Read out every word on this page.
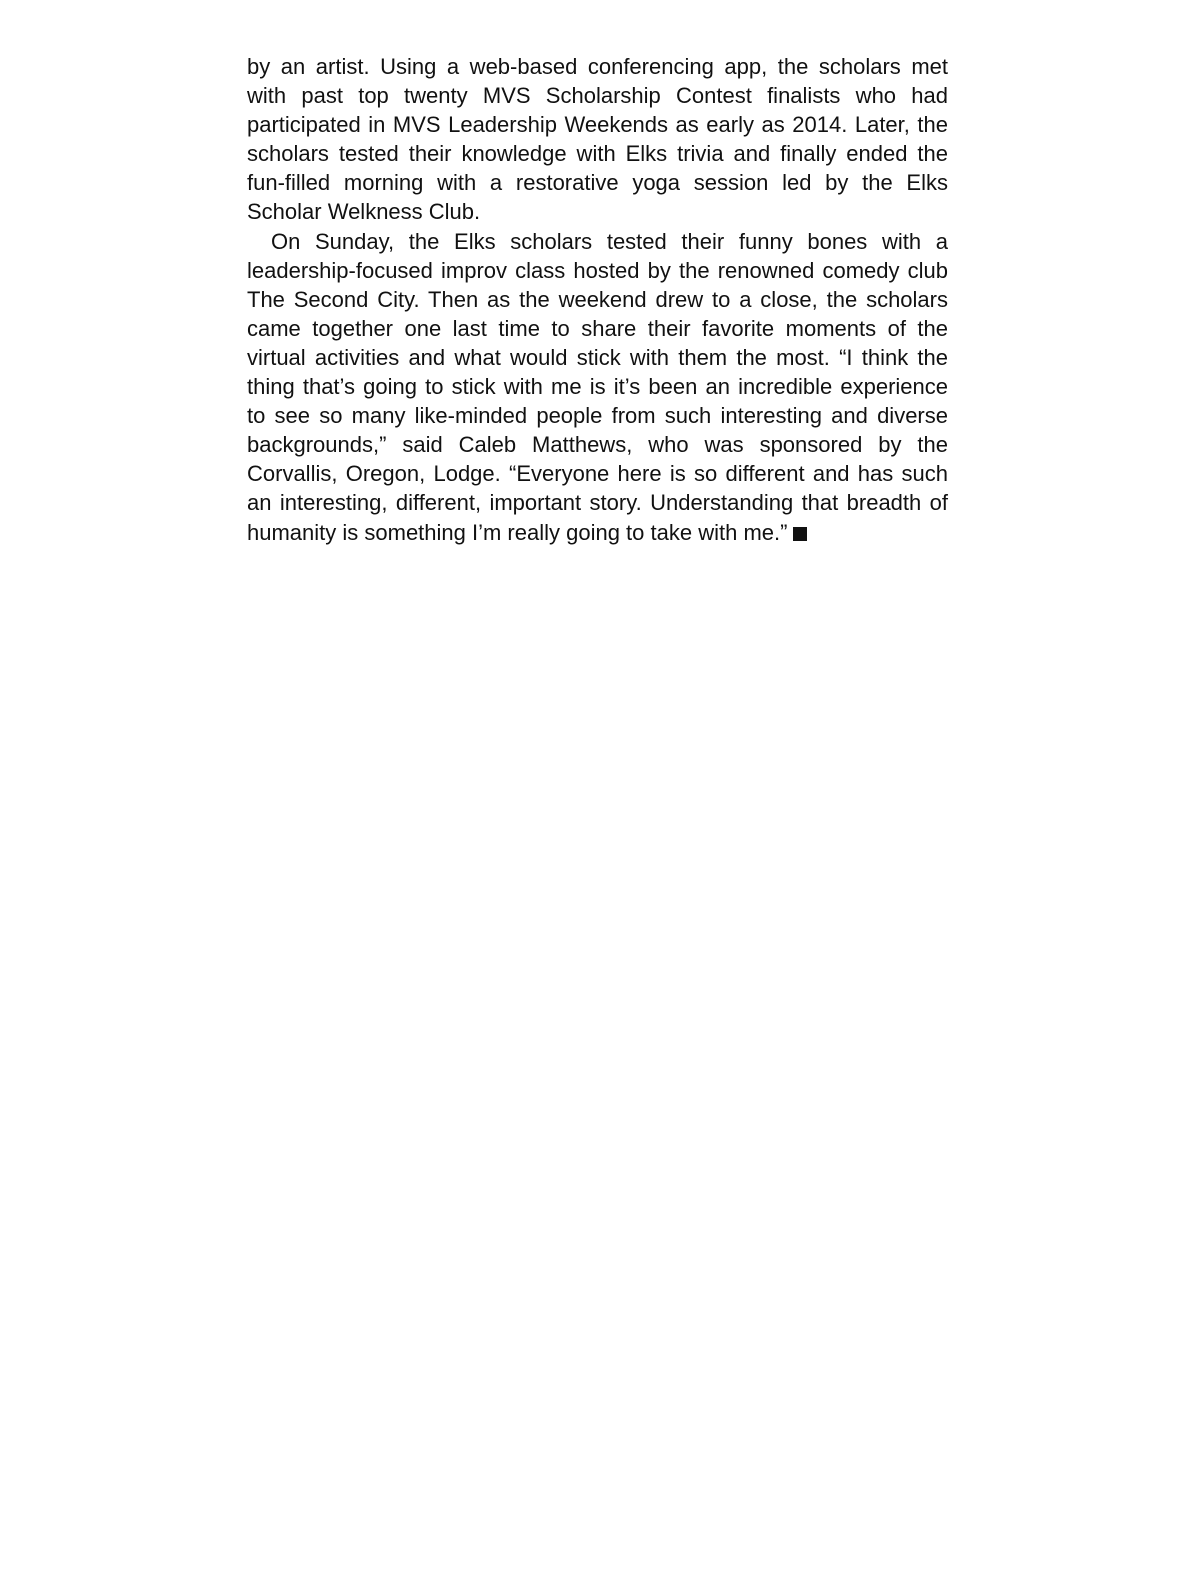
by an artist. Using a web-based conferencing app, the scholars met with past top twenty MVS Scholarship Contest finalists who had participated in MVS Leadership Weekends as early as 2014. Later, the scholars tested their knowledge with Elks trivia and finally ended the fun-filled morning with a restorative yoga session led by the Elks Scholar Welkness Club.

On Sunday, the Elks scholars tested their funny bones with a leadership-focused improv class hosted by the renowned comedy club The Second City. Then as the weekend drew to a close, the scholars came together one last time to share their favorite moments of the virtual activities and what would stick with them the most. “I think the thing that’s going to stick with me is it’s been an incredible experience to see so many like-minded people from such interesting and diverse backgrounds,” said Caleb Matthews, who was sponsored by the Corvallis, Oregon, Lodge. “Everyone here is so different and has such an interesting, different, important story. Understanding that breadth of humanity is something I’m really going to take with me.”
